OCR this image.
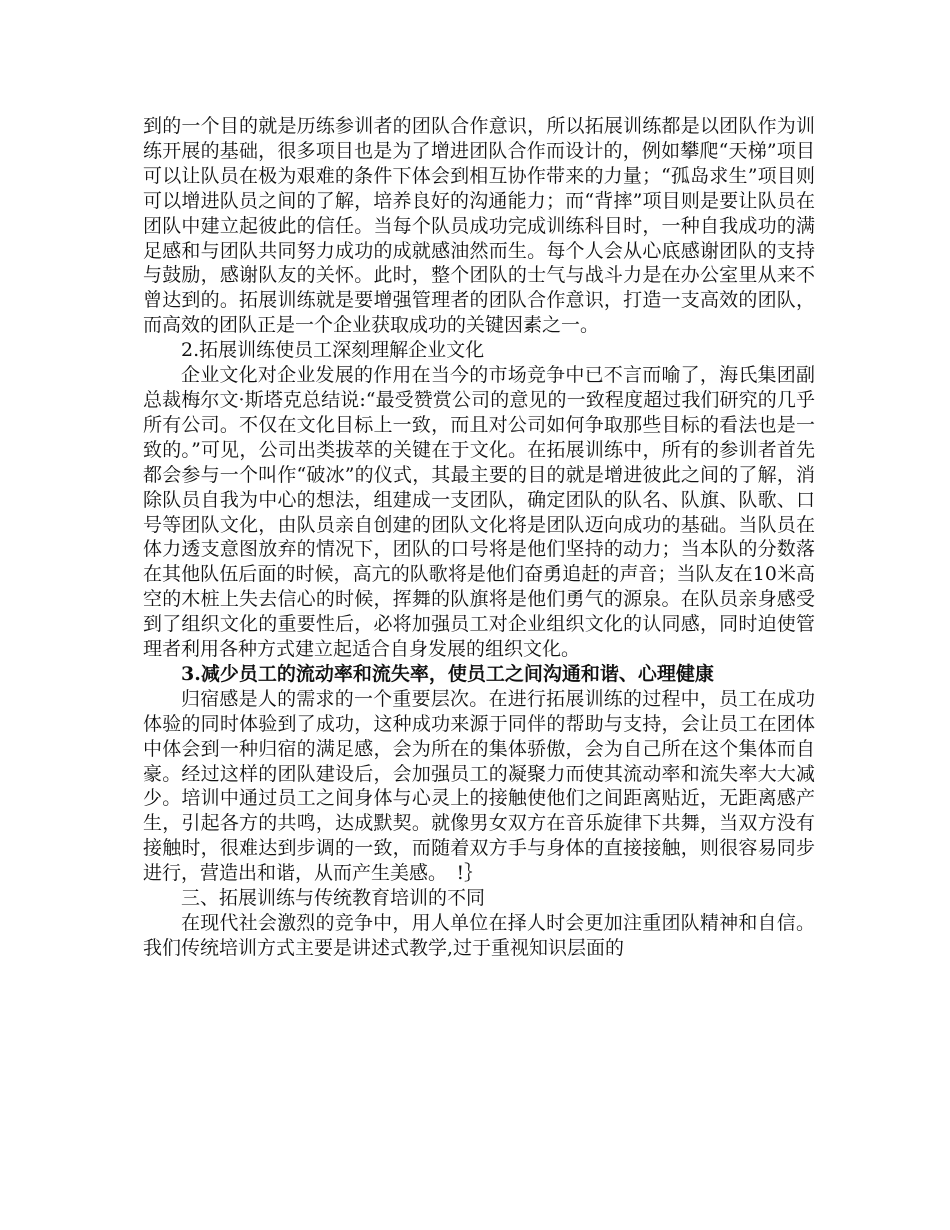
到的一个目的就是历练参训者的团队合作意识，所以拓展训练都是以团队作为训练开展的基础，很多项目也是为了增进团队合作而设计的，例如攀爬“天梯”项目可以让队员在极为艰难的条件下体会到相互协作带来的力量；“孤岛求生”项目则可以增进队员之间的了解，培养良好的沟通能力；而“背摔”项目则是要让队员在团队中建立起彼此的信任。当每个队员成功完成训练科目时，一种自我成功的满足感和与团队共同努力成功的成就感油然而生。每个人会从心底感谢团队的支持与鼓励，感谢队友的关怀。此时，整个团队的士气与战斗力是在办公室里从来不曾达到的。拓展训练就是要增强管理者的团队合作意识，打造一支高效的团队，而高效的团队正是一个企业获取成功的关键因素之一。

2.拓展训练使员工深刻理解企业文化

企业文化对企业发展的作用在当今的市场竞争中已不言而喻了，海氏集团副总裁梅尔文·斯塔克总结说:“最受赞赏公司的意见的一致程度超过我们研究的几乎所有公司。不仅在文化目标上一致，而且对公司如何争取那些目标的看法也是一致的。”可见，公司出类拔萃的关键在于文化。在拓展训练中，所有的参训者首先都会参与一个叫作“破冰”的仪式，其最主要的目的就是增进彼此之间的了解，消除队员自我为中心的想法，组建成一支团队，确定团队的队名、队旗、队歌、口号等团队文化，由队员亲自创建的团队文化将是团队迈向成功的基础。当队员在体力透支意图放弃的情况下，团队的口号将是他们坚持的动力；当本队的分数落在其他队伍后面的时候，高亢的队歌将是他们奋勇追赶的声音；当队友在10米高空的木桩上失去信心的时候，挥舞的队旗将是他们勇气的源泉。在队员亲身感受到了组织文化的重要性后，必将加强员工对企业组织文化的认同感，同时迫使管理者利用各种方式建立起适合自身发展的组织文化。

3.减少员工的流动率和流失率，使员工之间沟通和谐、心理健康

归宿感是人的需求的一个重要层次。在进行拓展训练的过程中，员工在成功体验的同时体验到了成功，这种成功来源于同伴的帮助与支持，会让员工在团体中体会到一种归宿的满足感，会为所在的集体骄傲，会为自己所在这个集体而自豪。经过这样的团队建设后，会加强员工的凝聚力而使其流动率和流失率大大减少。培训中通过员工之间身体与心灵上的接触使他们之间距离贴近，无距离感产生，引起各方的共鸣，达成默契。就像男女双方在音乐旋律下共舞，当双方没有接触时，很难达到步调的一致，而随着双方手与身体的直接接触，则很容易同步进行，营造出和谐，从而产生美感。　!｝

三、拓展训练与传统教育培训的不同

在现代社会激烈的竞争中，用人单位在择人时会更加注重团队精神和自信。我们传统培训方式主要是讲述式教学,过于重视知识层面的
